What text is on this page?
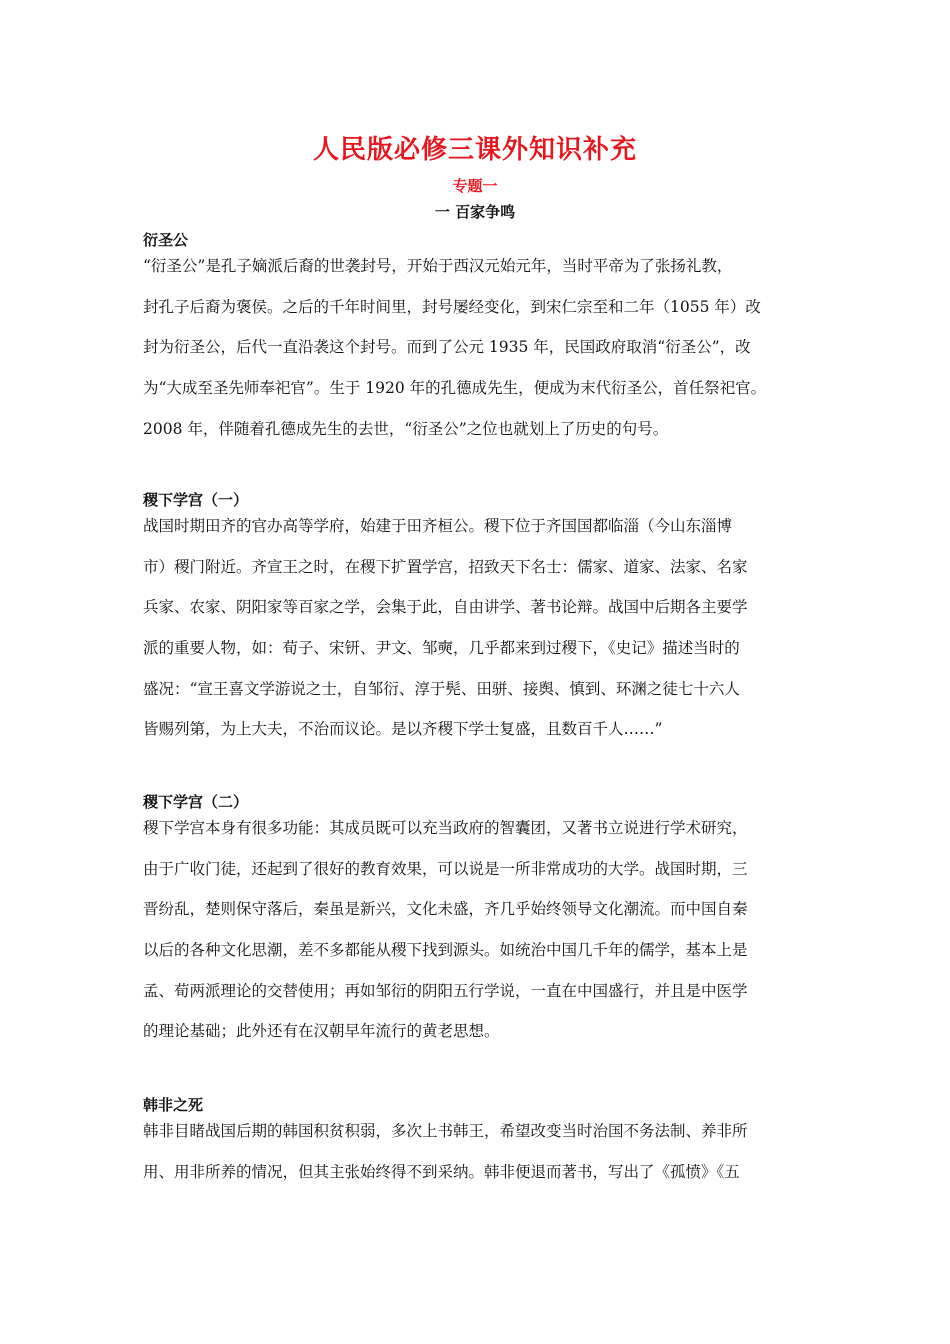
人民版必修三课外知识补充
专题一
一 百家争鸣
衍圣公
“衍圣公”是孔子嫡派后裔的世袭封号，开始于西汉元始元年，当时平帝为了张扬礼教，
封孔子后裔为褒侯。之后的千年时间里，封号屡经变化，到宋仁宗至和二年（1055 年）改
封为衍圣公，后代一直沿袭这个封号。而到了公元 1935 年，民国政府取消“衍圣公”，改
为“大成至圣先师奉祀官”。生于 1920 年的孔德成先生，便成为末代衍圣公，首任祭祀官。
2008 年，伴随着孔德成先生的去世，“衍圣公”之位也就划上了历史的句号。
稷下学宫（一）
战国时期田齐的官办高等学府，始建于田齐桓公。稷下位于齐国国都临淄（今山东淄博
市）稷门附近。齐宣王之时，在稷下扩置学宫，招致天下名士：儒家、道家、法家、名家
兵家、农家、阴阳家等百家之学，会集于此，自由讲学、著书论辩。战国中后期各主要学
派的重要人物，如：荀子、宋钘、尹文、邹奭，几乎都来到过稷下，《史记》描述当时的
盛况：“宣王喜文学游说之士，自邹衍、淳于髡、田骈、接舆、慎到、环渊之徒七十六人
皆赐列第，为上大夫，不治而议论。是以齐稷下学士复盛，且数百千人……”
稷下学宫（二）
稷下学宫本身有很多功能：其成员既可以充当政府的智囊团，又著书立说进行学术研究，
由于广收门徒，还起到了很好的教育效果，可以说是一所非常成功的大学。战国时期，三
晋纷乱，楚则保守落后，秦虽是新兴，文化未盛，齐几乎始终领导文化潮流。而中国自秦
以后的各种文化思潮，差不多都能从稷下找到源头。如统治中国几千年的儒学，基本上是
孟、荀两派理论的交替使用；再如邹衍的阴阳五行学说，一直在中国盛行，并且是中医学
的理论基础；此外还有在汉朝早年流行的黄老思想。
韩非之死
韩非目睹战国后期的韩国积贫积弱，多次上书韩王，希望改变当时治国不务法制、养非所
用、用非所养的情况，但其主张始终得不到采纳。韩非便退而著书，写出了《孤愤》《五
